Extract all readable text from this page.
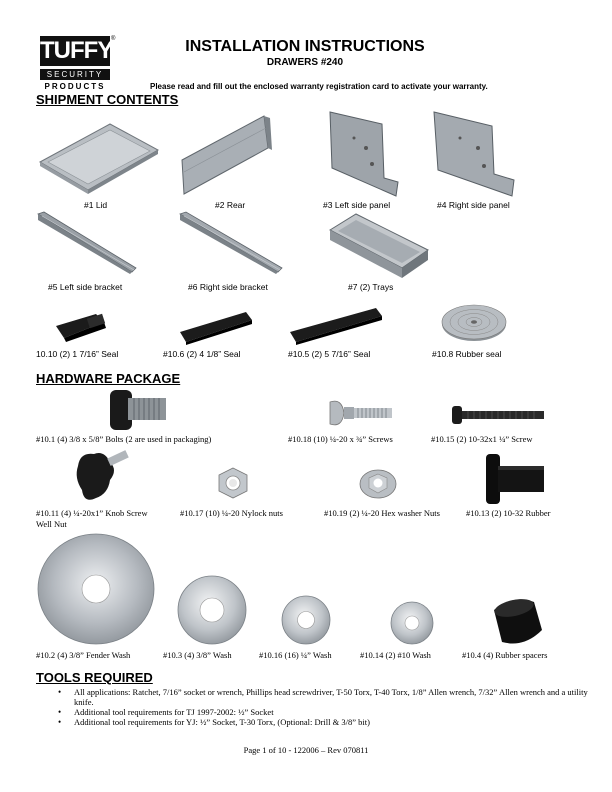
TUFFY
®
SECURITY
PRODUCTS
INSTALLATION INSTRUCTIONS
DRAWERS #240
Please read and fill out the enclosed warranty registration card to activate your warranty.
SHIPMENT CONTENTS
#1 Lid	#2 Rear	#3 Left side panel	#4 Right side panel
#5 Left side bracket	#6 Right side bracket	#7 (2) Trays
10.10 (2) 1 7/16” Seal	#10.6 (2) 4 1/8” Seal	#10.5 (2) 5 7/16” Seal	#10.8 Rubber seal
HARDWARE PACKAGE
#10.1 (4) 3/8 x 5/8” Bolts (2 are used in packaging)	#10.18 (10) ¼-20 x ¾” Screws	#10.15 (2) 10-32x1 ¼” Screw
#10.11 (4) ¼-20x1” Knob Screw
Well Nut
#10.17 (10) ¼-20 Nylock nuts	#10.19 (2) ¼-20 Hex washer Nuts	#10.13 (2) 10-32 Rubber
#10.2 (4) 3/8” Fender Wash	#10.3 (4) 3/8” Wash	#10.16 (16) ¼” Wash	#10.14 (2) #10 Wash	#10.4 (4) Rubber spacers
TOOLS REQUIRED
• All applications: Ratchet, 7/16” socket or wrench, Phillips head screwdriver, T-50 Torx, T-40 Torx, 1/8” Allen wrench, 7/32” Allen wrench and a utility knife.
• Additional tool requirements for TJ 1997-2002: ½” Socket
• Additional tool requirements for YJ: ½” Socket, T-30 Torx, (Optional: Drill & 3/8” bit)
Page 1 of 10 - 122006 – Rev 070811
